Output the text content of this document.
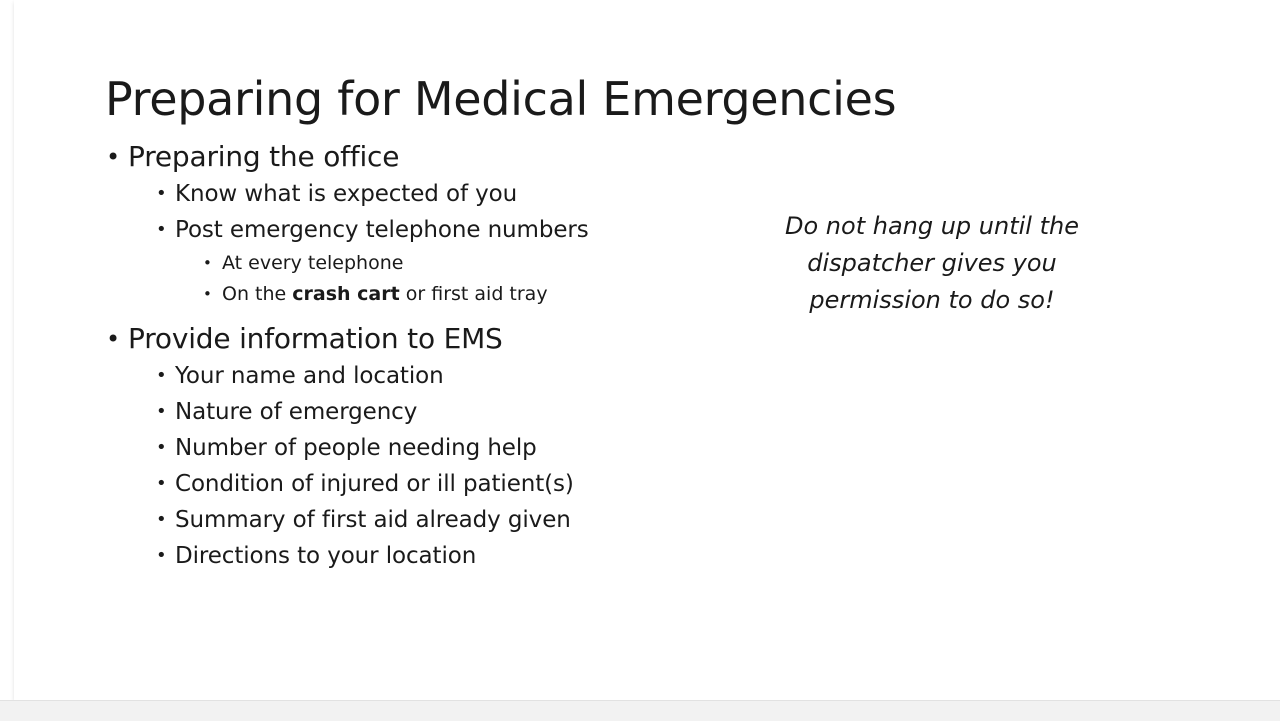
Preparing for Medical Emergencies
• Preparing the office
• Know what is expected of you
• Post emergency telephone numbers
• At every telephone
• On the crash cart or first aid tray
• Provide information to EMS
• Your name and location
• Nature of emergency
• Number of people needing help
• Condition of injured or ill patient(s)
• Summary of first aid already given
• Directions to your location
Do not hang up until the dispatcher gives you permission to do so!
